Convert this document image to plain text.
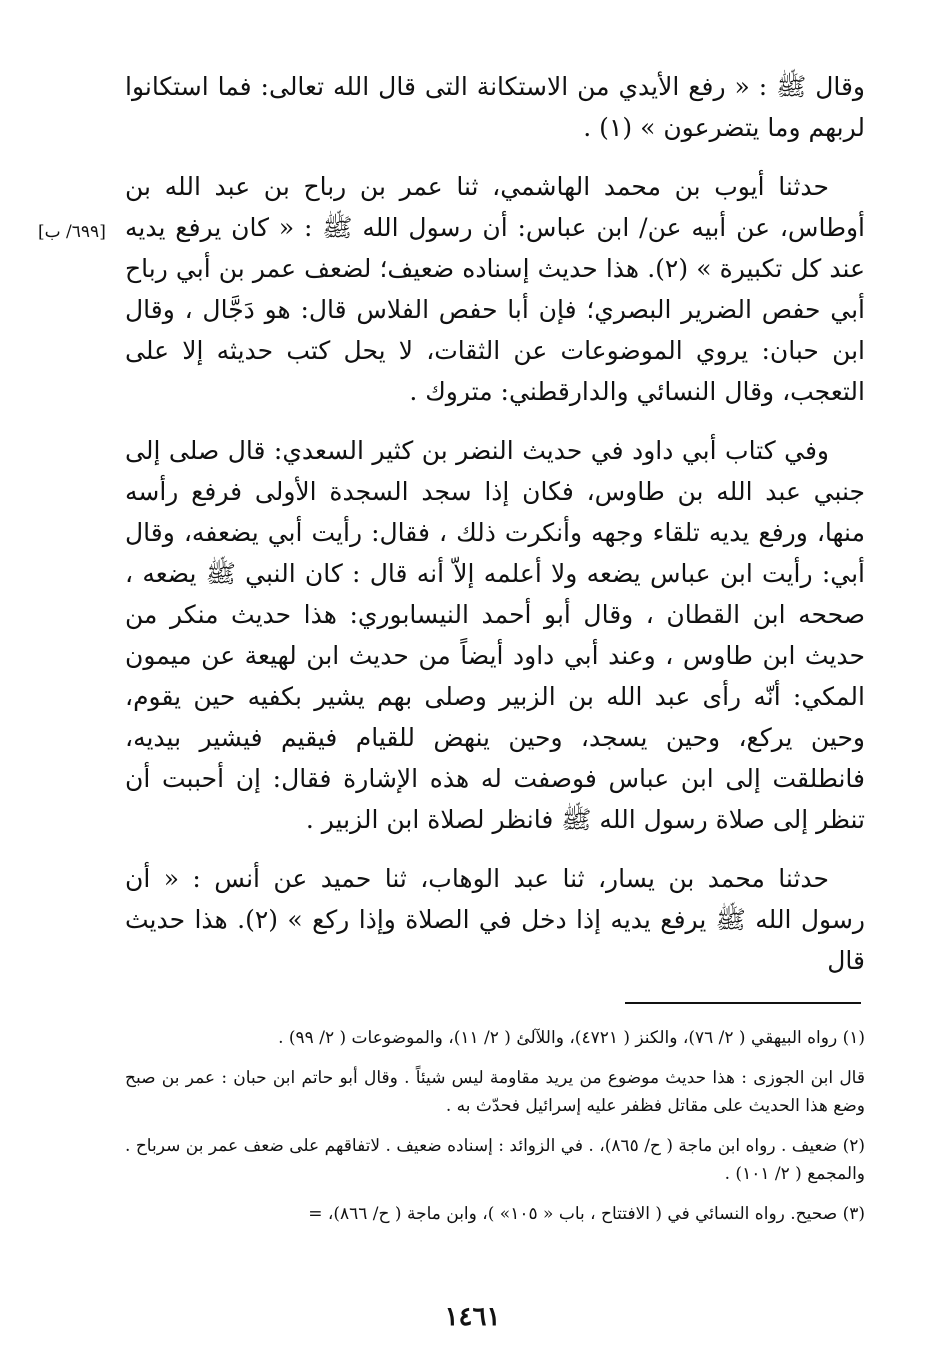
[٦٩٩/ ب]

وقال ﷺ : « رفع الأيدي من الاستكانة التى قال الله تعالى: فما استكانوا لربهم وما يتضرعون » (١) .

حدثنا أيوب بن محمد الهاشمي، ثنا عمر بن رباح بن عبد الله بن أوطاس، عن أبيه عن/ ابن عباس: أن رسول الله ﷺ : « كان يرفع يديه عند كل تكبيرة » (٢). هذا حديث إسناده ضعيف؛ لضعف عمر بن أبي رباح أبي حفص الضرير البصري؛ فإن أبا حفص الفلاس قال: هو دَجَّال ، وقال ابن حبان: يروي الموضوعات عن الثقات، لا يحل كتب حديثه إلا على التعجب، وقال النسائي والدارقطني: متروك .

وفي كتاب أبي داود في حديث النضر بن كثير السعدي: قال صلى إلى جنبي عبد الله بن طاوس، فكان إذا سجد السجدة الأولى فرفع رأسه منها، ورفع يديه تلقاء وجهه وأنكرت ذلك ، فقال: رأيت أبي يضعفه، وقال أبي: رأيت ابن عباس يضعه ولا أعلمه إلاّ أنه قال : كان النبي ﷺ يضعه ، صححه ابن القطان ، وقال أبو أحمد النيسابوري: هذا حديث منكر من حديث ابن طاوس ، وعند أبي داود أيضاً من حديث ابن لهيعة عن ميمون المكي: أنّه رأى عبد الله بن الزبير وصلى بهم يشير بكفيه حين يقوم، وحين يركع، وحين يسجد، وحين ينهض للقيام فيقيم فيشير بيديه، فانطلقت إلى ابن عباس فوصفت له هذه الإشارة فقال: إن أحببت أن تنظر إلى صلاة رسول الله ﷺ فانظر لصلاة ابن الزبير .

حدثنا محمد بن يسار، ثنا عبد الوهاب، ثنا حميد عن أنس : « أن رسول الله ﷺ يرفع يديه إذا دخل في الصلاة وإذا ركع » (٢). هذا حديث قال

(١) رواه البيهقي ( ٢/ ٧٦)، والكنز ( ٤٧٢١)، واللآلئ ( ٢/ ١١)، والموضوعات ( ٢/ ٩٩) .

قال ابن الجوزى : هذا حديث موضوع من يريد مقاومة ليس شيئاً . وقال أبو حاتم ابن حبان : عمر بن صبح وضع هذا الحديث على مقاتل فظفر عليه إسرائيل فحدّث به .

(٢) ضعيف . رواه ابن ماجة ( ح/ ٨٦٥)، . في الزوائد : إسناده ضعيف . لاتفاقهم على ضعف عمر بن سرباح . والمجمع ( ٢/ ١٠١) .

(٣) صحيح. رواه النسائي في ( الافتتاح ، باب « ١٠٥» )، وابن ماجة ( ح/ ٨٦٦)، =

١٤٦١
